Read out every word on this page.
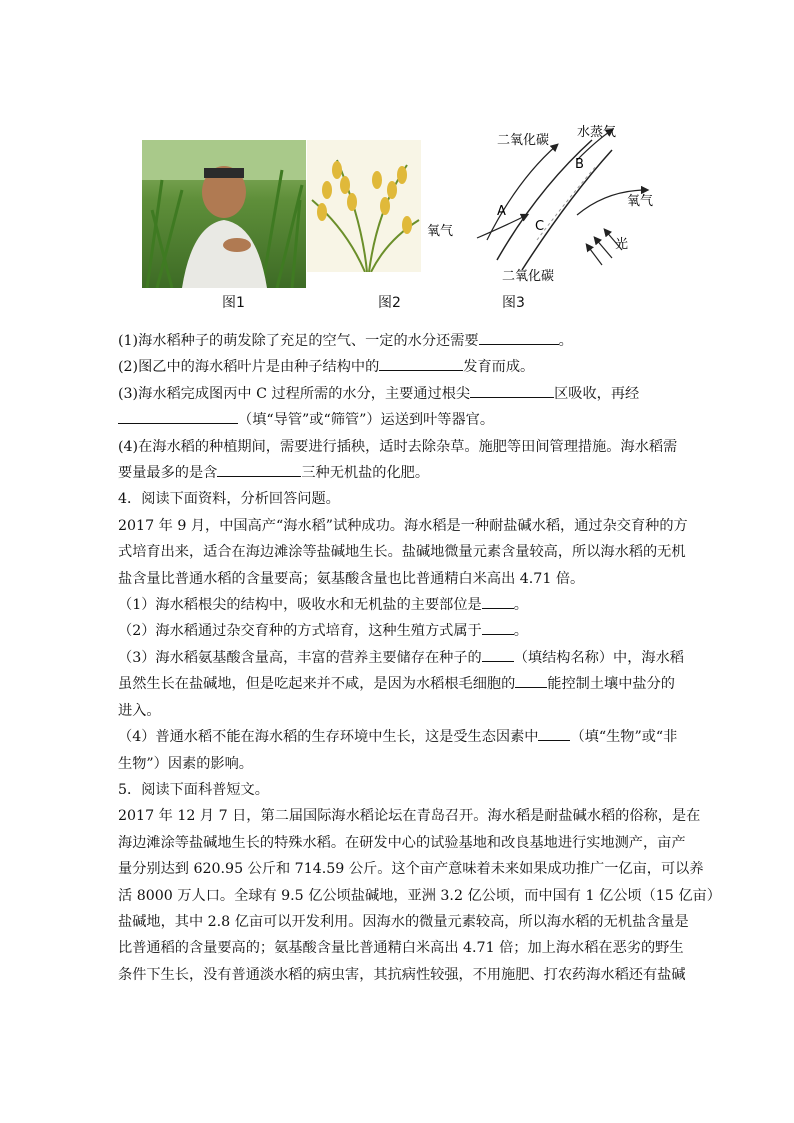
二氧化碳
水蒸气
氧气
氧气
二氧化碳
光
A
B
C
图1	图2	图3

(1)海水稻种子的萌发除了充足的空气、一定的水分还需要	。

(2)图乙中的海水稻叶片是由种子结构中的	发育而成。

(3)海水稻完成图丙中 C 过程所需的水分，主要通过根尖	区吸收，再经

（填“导管”或“筛管”）运送到叶等器官。

(4)在海水稻的种植期间，需要进行插秧，适时去除杂草。施肥等田间管理措施。海水稻需

要量最多的是含	三种无机盐的化肥。

4．阅读下面资料，分析回答问题。

2017 年 9 月，中国高产“海水稻”试种成功。海水稻是一种耐盐碱水稻，通过杂交育种的方

式培育出来，适合在海边滩涂等盐碱地生长。盐碱地微量元素含量较高，所以海水稻的无机

盐含量比普通水稻的含量要高；氨基酸含量也比普通精白米高出 4.71 倍。

（1）海水稻根尖的结构中，吸收水和无机盐的主要部位是 。

（2）海水稻通过杂交育种的方式培育，这种生殖方式属于 。

（3）海水稻氨基酸含量高，丰富的营养主要储存在种子的 （填结构名称）中，海水稻

虽然生长在盐碱地，但是吃起来并不咸，是因为水稻根毛细胞的 能控制土壤中盐分的

进入。

（4）普通水稻不能在海水稻的生存环境中生长，这是受生态因素中 （填“生物”或“非

生物”）因素的影响。

5．阅读下面科普短文。

2017 年 12 月 7 日，第二届国际海水稻论坛在青岛召开。海水稻是耐盐碱水稻的俗称，是在

海边滩涂等盐碱地生长的特殊水稻。在研发中心的试验基地和改良基地进行实地测产，亩产

量分别达到 620.95 公斤和 714.59 公斤。这个亩产意味着未来如果成功推广一亿亩，可以养

活 8000 万人口。全球有 9.5 亿公顷盐碱地，亚洲 3.2 亿公顷，而中国有 1 亿公顷（15 亿亩）

盐碱地，其中 2.8 亿亩可以开发利用。因海水的微量元素较高，所以海水稻的无机盐含量是

比普通稻的含量要高的；氨基酸含量比普通精白米高出 4.71 倍；加上海水稻在恶劣的野生

条件下生长，没有普通淡水稻的病虫害，其抗病性较强，不用施肥、打农药海水稻还有盐碱
